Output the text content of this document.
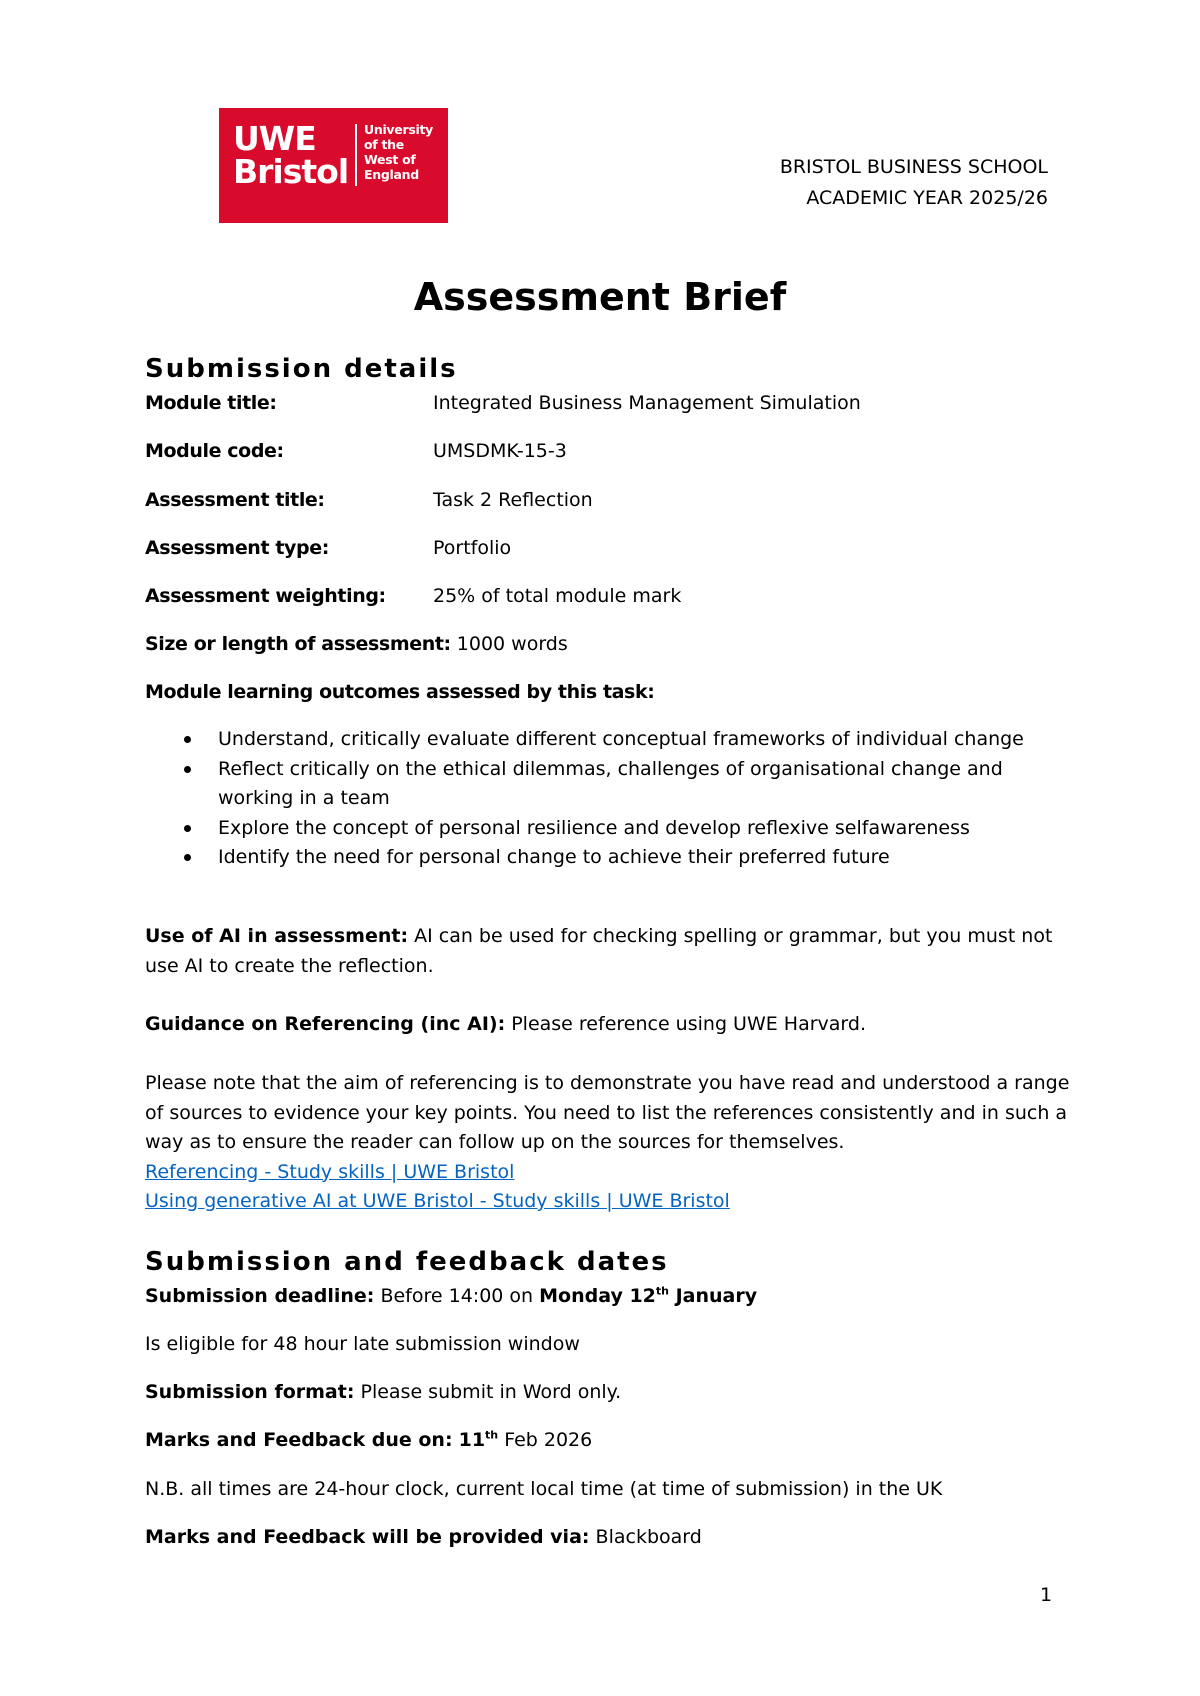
UWE
Bristol
University
of the
West of
England	BRISTOL BUSINESS SCHOOL
ACADEMIC YEAR 2025/26
Assessment Brief
Submission details
Module title:	Integrated Business Management Simulation
Module code:	UMSDMK-15-3
Assessment title:	Task 2 Reflection
Assessment type:	Portfolio
Assessment weighting: 25% of total module mark
Size or length of assessment: 1000 words
Module learning outcomes assessed by this task:
Understand, critically evaluate different conceptual frameworks of individual change
Reflect critically on the ethical dilemmas, challenges of organisational change and working in a team
Explore the concept of personal resilience and develop reflexive selfawareness
Identify the need for personal change to achieve their preferred future
Use of AI in assessment: AI can be used for checking spelling or grammar, but you must not use AI to create the reflection.
Guidance on Referencing (inc AI): Please reference using UWE Harvard.
Please note that the aim of referencing is to demonstrate you have read and understood a range of sources to evidence your key points. You need to list the references consistently and in such a way as to ensure the reader can follow up on the sources for themselves.
Referencing - Study skills | UWE Bristol
Using generative AI at UWE Bristol - Study skills | UWE Bristol
Submission and feedback dates
Submission deadline: Before 14:00 on Monday 12th January
Is eligible for 48 hour late submission window
Submission format: Please submit in Word only.
Marks and Feedback due on: 11th Feb 2026
N.B. all times are 24-hour clock, current local time (at time of submission) in the UK
Marks and Feedback will be provided via: Blackboard
1
